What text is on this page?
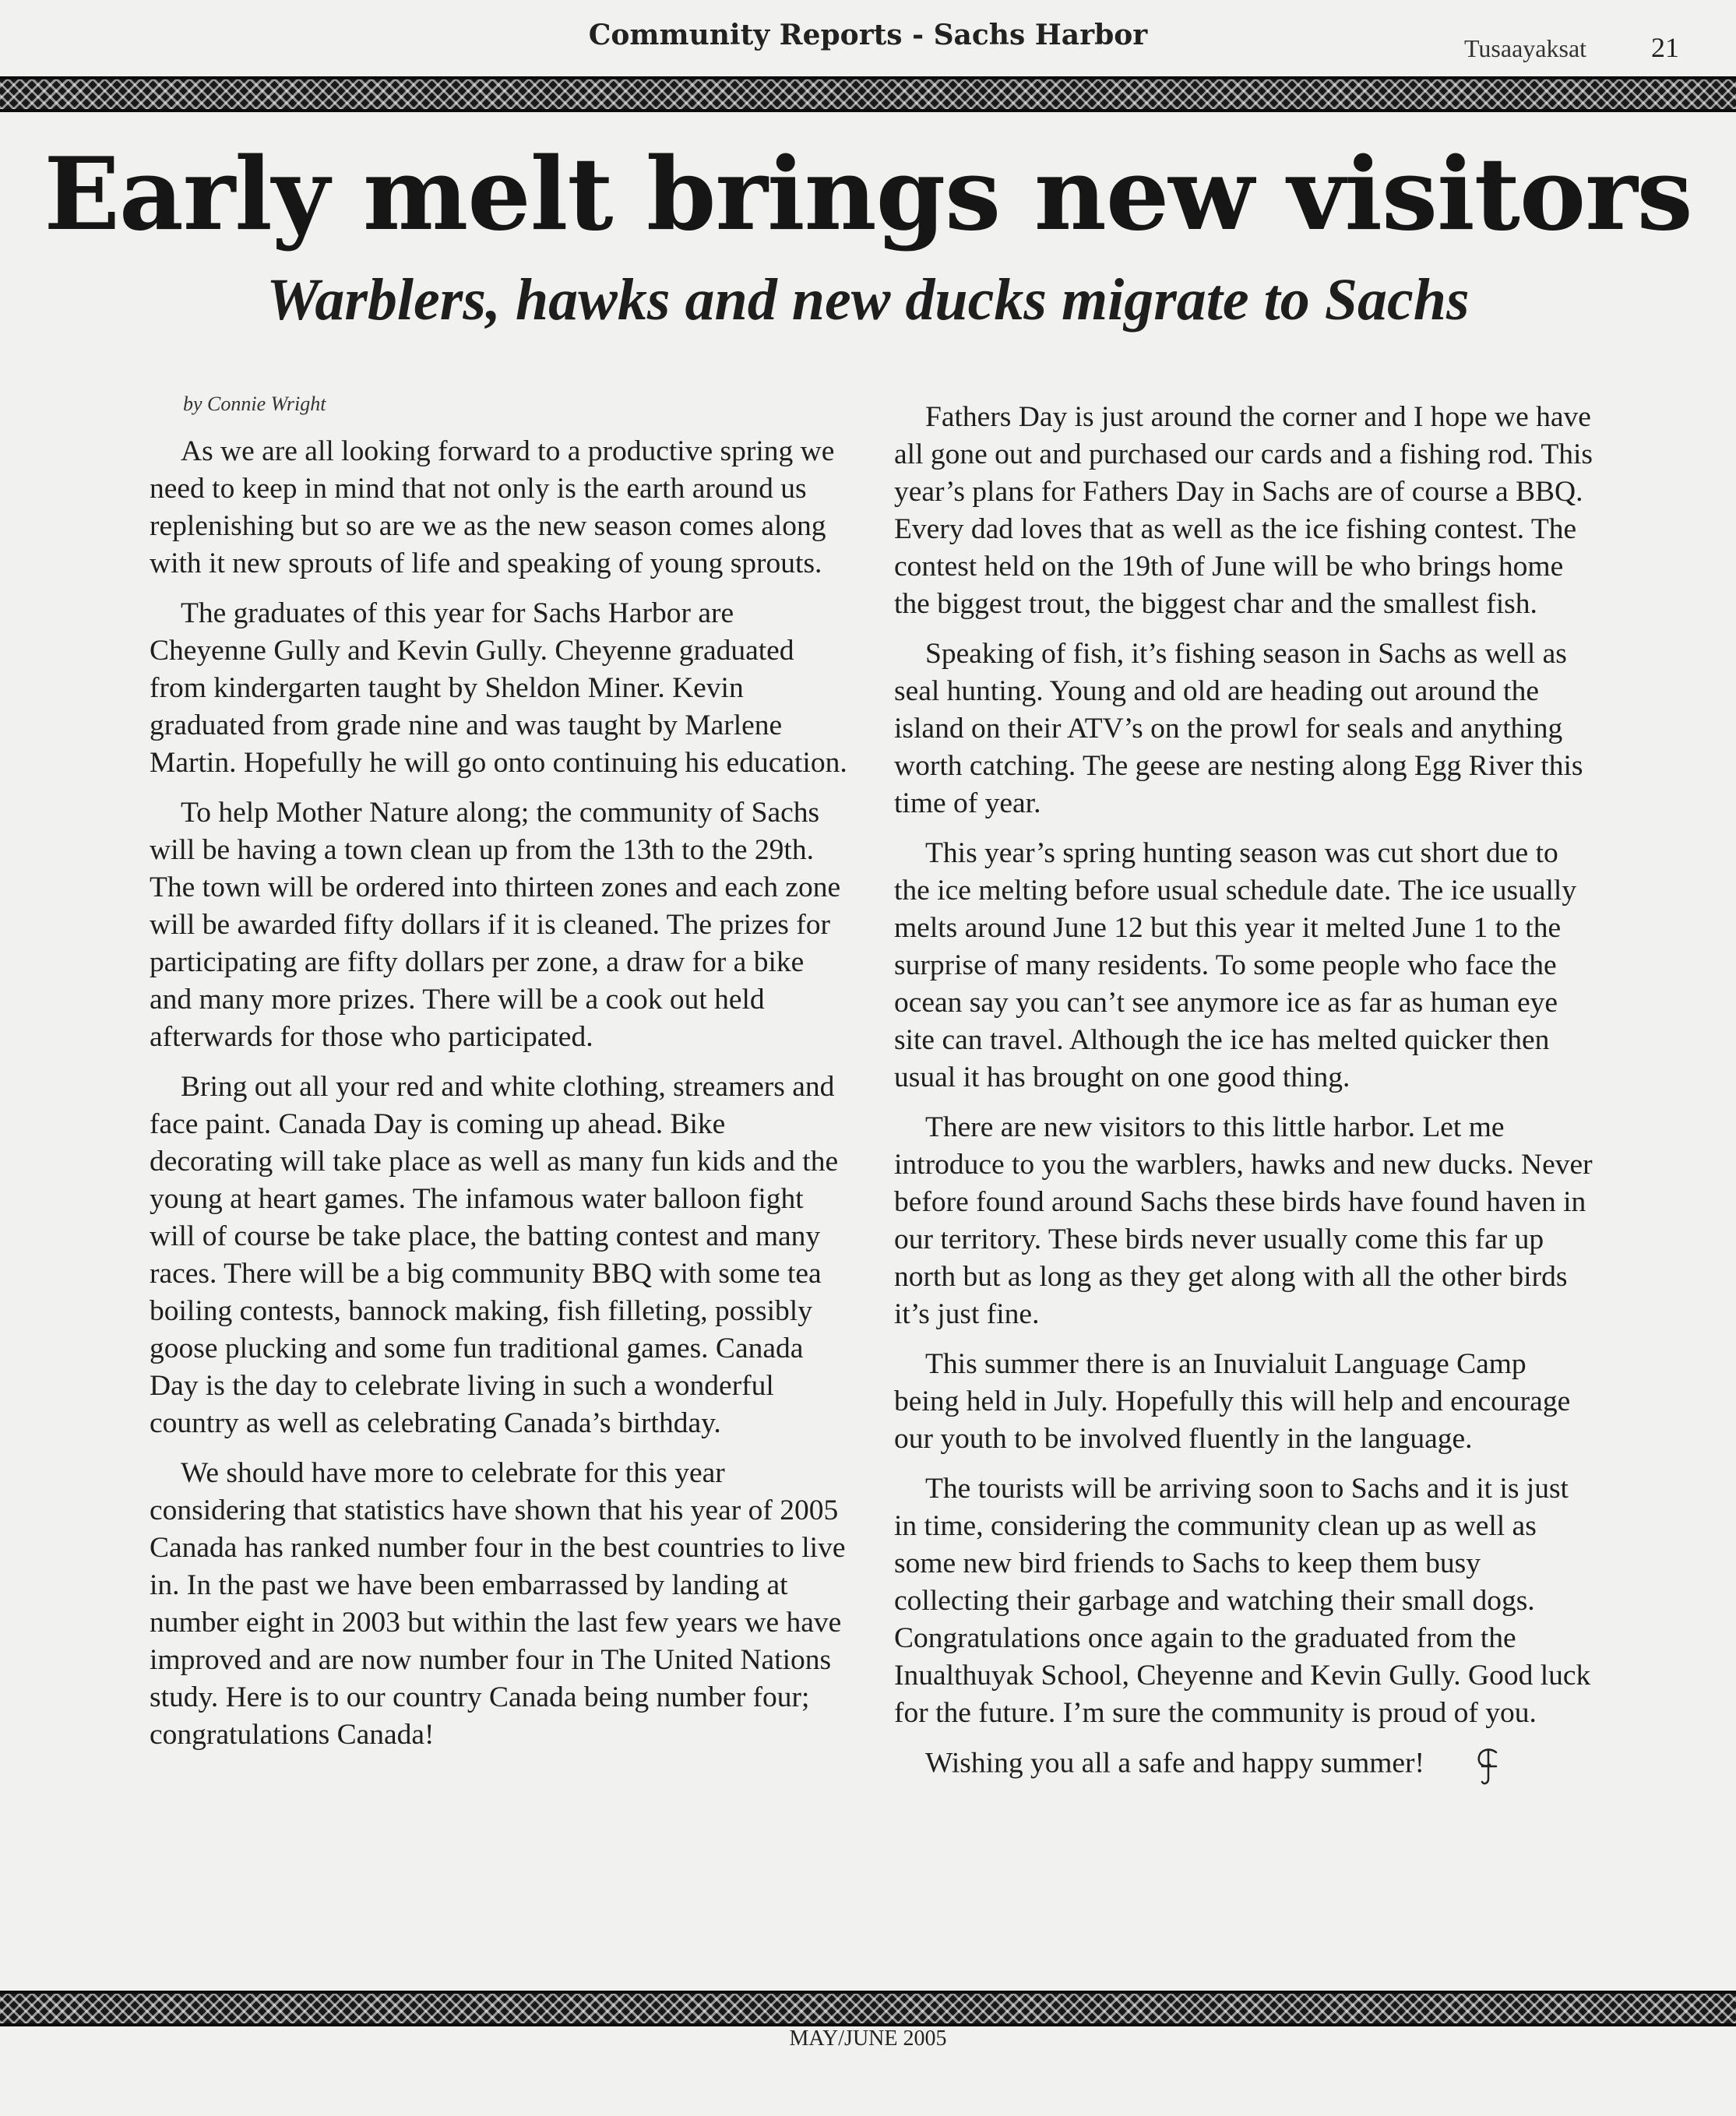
Community Reports - Sachs Harbor	Tusaayaksat 21
Early melt brings new visitors
Warblers, hawks and new ducks migrate to Sachs
by Connie Wright

As we are all looking forward to a productive spring we need to keep in mind that not only is the earth around us replenishing but so are we as the new season comes along with it new sprouts of life and speaking of young sprouts.

The graduates of this year for Sachs Harbor are Cheyenne Gully and Kevin Gully. Cheyenne graduated from kindergarten taught by Sheldon Miner. Kevin graduated from grade nine and was taught by Marlene Martin. Hopefully he will go onto continuing his education.

To help Mother Nature along; the community of Sachs will be having a town clean up from the 13th to the 29th. The town will be ordered into thirteen zones and each zone will be awarded fifty dollars if it is cleaned. The prizes for participating are fifty dollars per zone, a draw for a bike and many more prizes. There will be a cook out held afterwards for those who participated.

Bring out all your red and white clothing, streamers and face paint. Canada Day is coming up ahead. Bike decorating will take place as well as many fun kids and the young at heart games. The infamous water balloon fight will of course be take place, the batting contest and many races. There will be a big community BBQ with some tea boiling contests, bannock making, fish filleting, possibly goose plucking and some fun traditional games. Canada Day is the day to celebrate living in such a wonderful country as well as celebrating Canada’s birthday.

We should have more to celebrate for this year considering that statistics have shown that his year of 2005 Canada has ranked number four in the best countries to live in. In the past we have been embarrassed by landing at number eight in 2003 but within the last few years we have improved and are now number four in The United Nations study. Here is to our country Canada being number four; congratulations Canada!

Fathers Day is just around the corner and I hope we have all gone out and purchased our cards and a fishing rod. This year’s plans for Fathers Day in Sachs are of course a BBQ. Every dad loves that as well as the ice fishing contest. The contest held on the 19th of June will be who brings home the biggest trout, the biggest char and the smallest fish.

Speaking of fish, it’s fishing season in Sachs as well as seal hunting. Young and old are heading out around the island on their ATV’s on the prowl for seals and anything worth catching. The geese are nesting along Egg River this time of year.

This year’s spring hunting season was cut short due to the ice melting before usual schedule date. The ice usually melts around June 12 but this year it melted June 1 to the surprise of many residents. To some people who face the ocean say you can’t see anymore ice as far as human eye site can travel. Although the ice has melted quicker then usual it has brought on one good thing.

There are new visitors to this little harbor. Let me introduce to you the warblers, hawks and new ducks. Never before found around Sachs these birds have found haven in our territory. These birds never usually come this far up north but as long as they get along with all the other birds it’s just fine.

This summer there is an Inuvialuit Language Camp being held in July. Hopefully this will help and encourage our youth to be involved fluently in the language.

The tourists will be arriving soon to Sachs and it is just in time, considering the community clean up as well as some new bird friends to Sachs to keep them busy collecting their garbage and watching their small dogs. Congratulations once again to the graduated from the Inualthuyak School, Cheyenne and Kevin Gully. Good luck for the future. I’m sure the community is proud of you.

Wishing you all a safe and happy summer!

MAY/JUNE 2005
